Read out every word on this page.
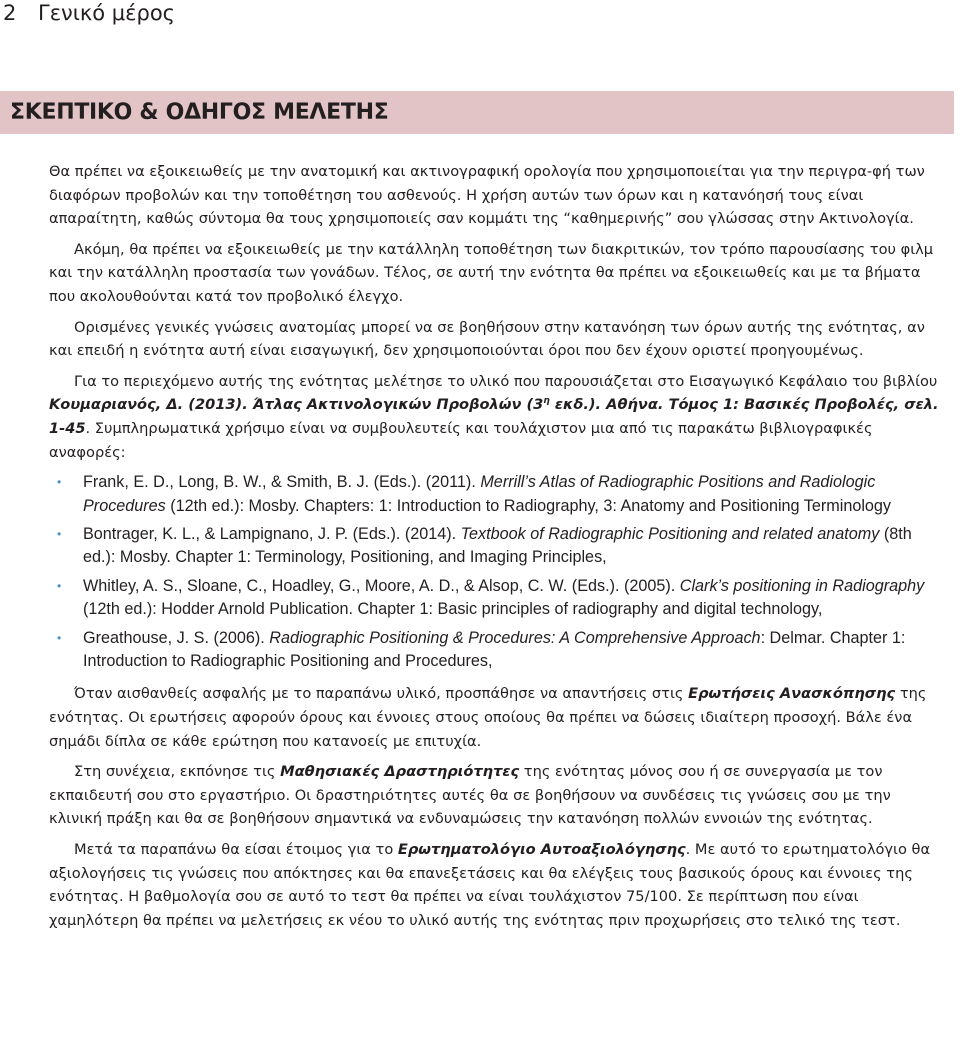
2 Γενικό μέρος
ΣΚΕΠΤΙΚΟ & ΟΔΗΓΟΣ ΜΕΛΕΤΗΣ

Θα πρέπει να εξοικειωθείς με την ανατομική και ακτινογραφική ορολογία που χρησιμοποιείται για την περιγρα-φή των διαφόρων προβολών και την τοποθέτηση του ασθενούς. Η χρήση αυτών των όρων και η κατανόησή τους είναι απαραίτητη, καθώς σύντομα θα τους χρησιμοποιείς σαν κομμάτι της “καθημερινής” σου γλώσσας στην Ακτινολογία.

Ακόμη, θα πρέπει να εξοικειωθείς με την κατάλληλη τοποθέτηση των διακριτικών, τον τρόπο παρουσίασης του φιλμ και την κατάλληλη προστασία των γονάδων. Τέλος, σε αυτή την ενότητα θα πρέπει να εξοικειωθείς και με τα βήματα που ακολουθούνται κατά τον προβολικό έλεγχο.

Ορισμένες γενικές γνώσεις ανατομίας μπορεί να σε βοηθήσουν στην κατανόηση των όρων αυτής της ενότητας, αν και επειδή η ενότητα αυτή είναι εισαγωγική, δεν χρησιμοποιούνται όροι που δεν έχουν οριστεί προηγουμένως.

Για το περιεχόμενο αυτής της ενότητας μελέτησε το υλικό που παρουσιάζεται στο Εισαγωγικό Κεφάλαιο του βιβλίου Κουμαριανός, Δ. (2013). Άτλας Ακτινολογικών Προβολών ($3^\eta$ εκδ.). Αθήνα. Τόμος 1: Βασικές Προβολές, σελ. 1-45. Συμπληρωματικά χρήσιμο είναι να συμβουλευτείς και τουλάχιστον μια από τις παρακάτω βιβλιογραφικές αναφορές:

• Frank, E. D., Long, B. W., & Smith, B. J. (Eds.). (2011). Merrill’s Atlas of Radiographic Positions and Radiologic Procedures (12th ed.): Mosby. Chapters: 1: Introduction to Radiography, 3: Anatomy and Positioning Terminology
• Bontrager, K. L., & Lampignano, J. P. (Eds.). (2014). Textbook of Radiographic Positioning and related anatomy (8th ed.): Mosby. Chapter 1: Terminology, Positioning, and Imaging Principles,
• Whitley, A. S., Sloane, C., Hoadley, G., Moore, A. D., & Alsop, C. W. (Eds.). (2005). Clark’s positioning in Radiography (12th ed.): Hodder Arnold Publication. Chapter 1: Basic principles of radiography and digital technology,
• Greathouse, J. S. (2006). Radiographic Positioning & Procedures: A Comprehensive Approach: Delmar. Chapter 1: Introduction to Radiographic Positioning and Procedures,

Όταν αισθανθείς ασφαλής με το παραπάνω υλικό, προσπάθησε να απαντήσεις στις Ερωτήσεις Ανασκόπησης της ενότητας. Οι ερωτήσεις αφορούν όρους και έννοιες στους οποίους θα πρέπει να δώσεις ιδιαίτερη προσοχή. Βάλε ένα σημάδι δίπλα σε κάθε ερώτηση που κατανοείς με επιτυχία.

Στη συνέχεια, εκπόνησε τις Μαθησιακές Δραστηριότητες της ενότητας μόνος σου ή σε συνεργασία με τον εκπαιδευτή σου στο εργαστήριο. Οι δραστηριότητες αυτές θα σε βοηθήσουν να συνδέσεις τις γνώσεις σου με την κλινική πράξη και θα σε βοηθήσουν σημαντικά να ενδυναμώσεις την κατανόηση πολλών εννοιών της ενότητας.

Μετά τα παραπάνω θα είσαι έτοιμος για το Ερωτηματολόγιο Αυτοαξιολόγησης. Με αυτό το ερωτηματολόγιο θα αξιολογήσεις τις γνώσεις που απόκτησες και θα επανεξετάσεις και θα ελέγξεις τους βασικούς όρους και έννοιες της ενότητας. Η βαθμολογία σου σε αυτό το τεστ θα πρέπει να είναι τουλάχιστον 75/100. Σε περίπτωση που είναι χαμηλότερη θα πρέπει να μελετήσεις εκ νέου το υλικό αυτής της ενότητας πριν προχωρήσεις στο τελικό της τεστ.
